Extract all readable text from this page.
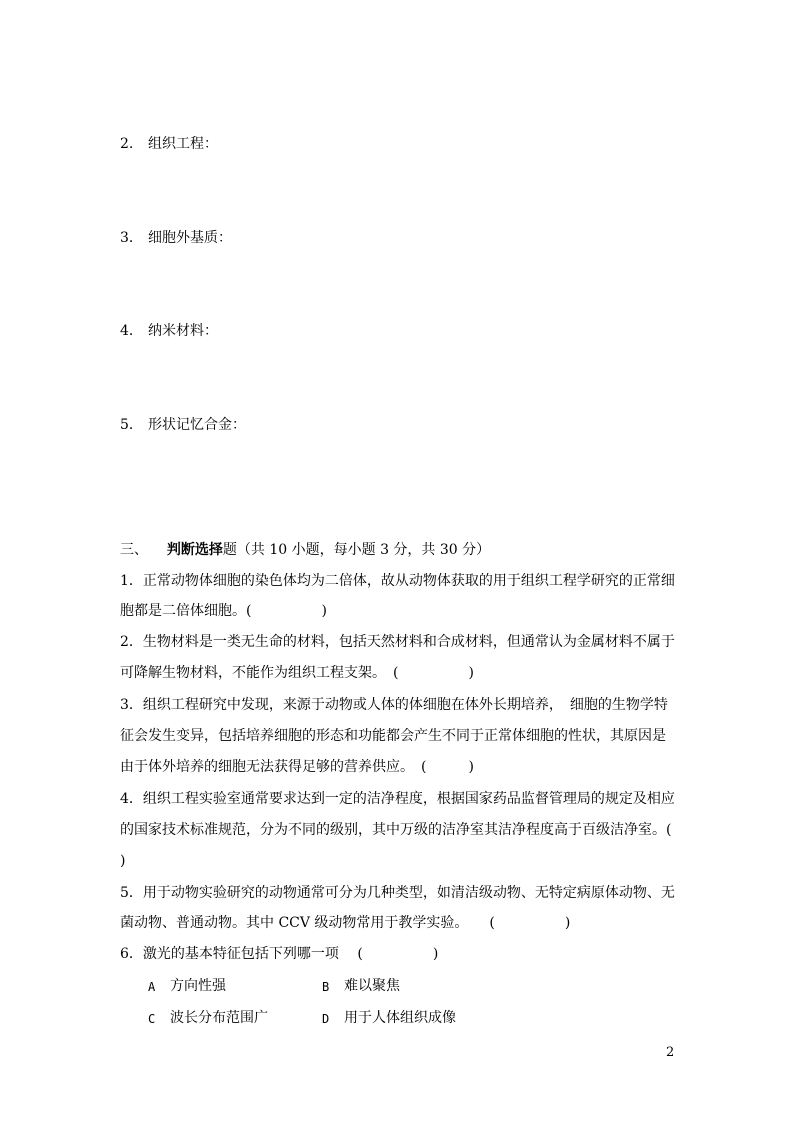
2. 组织工程：
3． 细胞外基质：
4． 纳米材料：
5． 形状记忆合金：
三、 判断选择题（共 10 小题，每小题 3 分，共 30 分）
1．正常动物体细胞的染色体均为二倍体，故从动物体获取的用于组织工程学研究的正常细
胞都是二倍体细胞。(　　　　　)
2．生物材料是一类无生命的材料，包括天然材料和合成材料，但通常认为金属材料不属于
可降解生物材料，不能作为组织工程支架。　(　　　　　)
3．组织工程研究中发现，来源于动物或人体的体细胞在体外长期培养，　细胞的生物学特
征会发生变异，包括培养细胞的形态和功能都会产生不同于正常体细胞的性状，其原因是
由于体外培养的细胞无法获得足够的营养供应。　(　　　)
4．组织工程实验室通常要求达到一定的洁净程度，根据国家药品监督管理局的规定及相应
的国家技术标准规范，分为不同的级别，其中万级的洁净室其洁净程度高于百级洁净室。(
)
5．用于动物实验研究的动物通常可分为几种类型，如清洁级动物、无特定病原体动物、无
菌动物、普通动物。其中 CCV 级动物常用于教学实验。　　(　　　　　)
6．激光的基本特征包括下列哪一项　 (　　　　　)
A 方向性强	B 难以聚焦
C 波长分布范围广	D 用于人体组织成像
2
